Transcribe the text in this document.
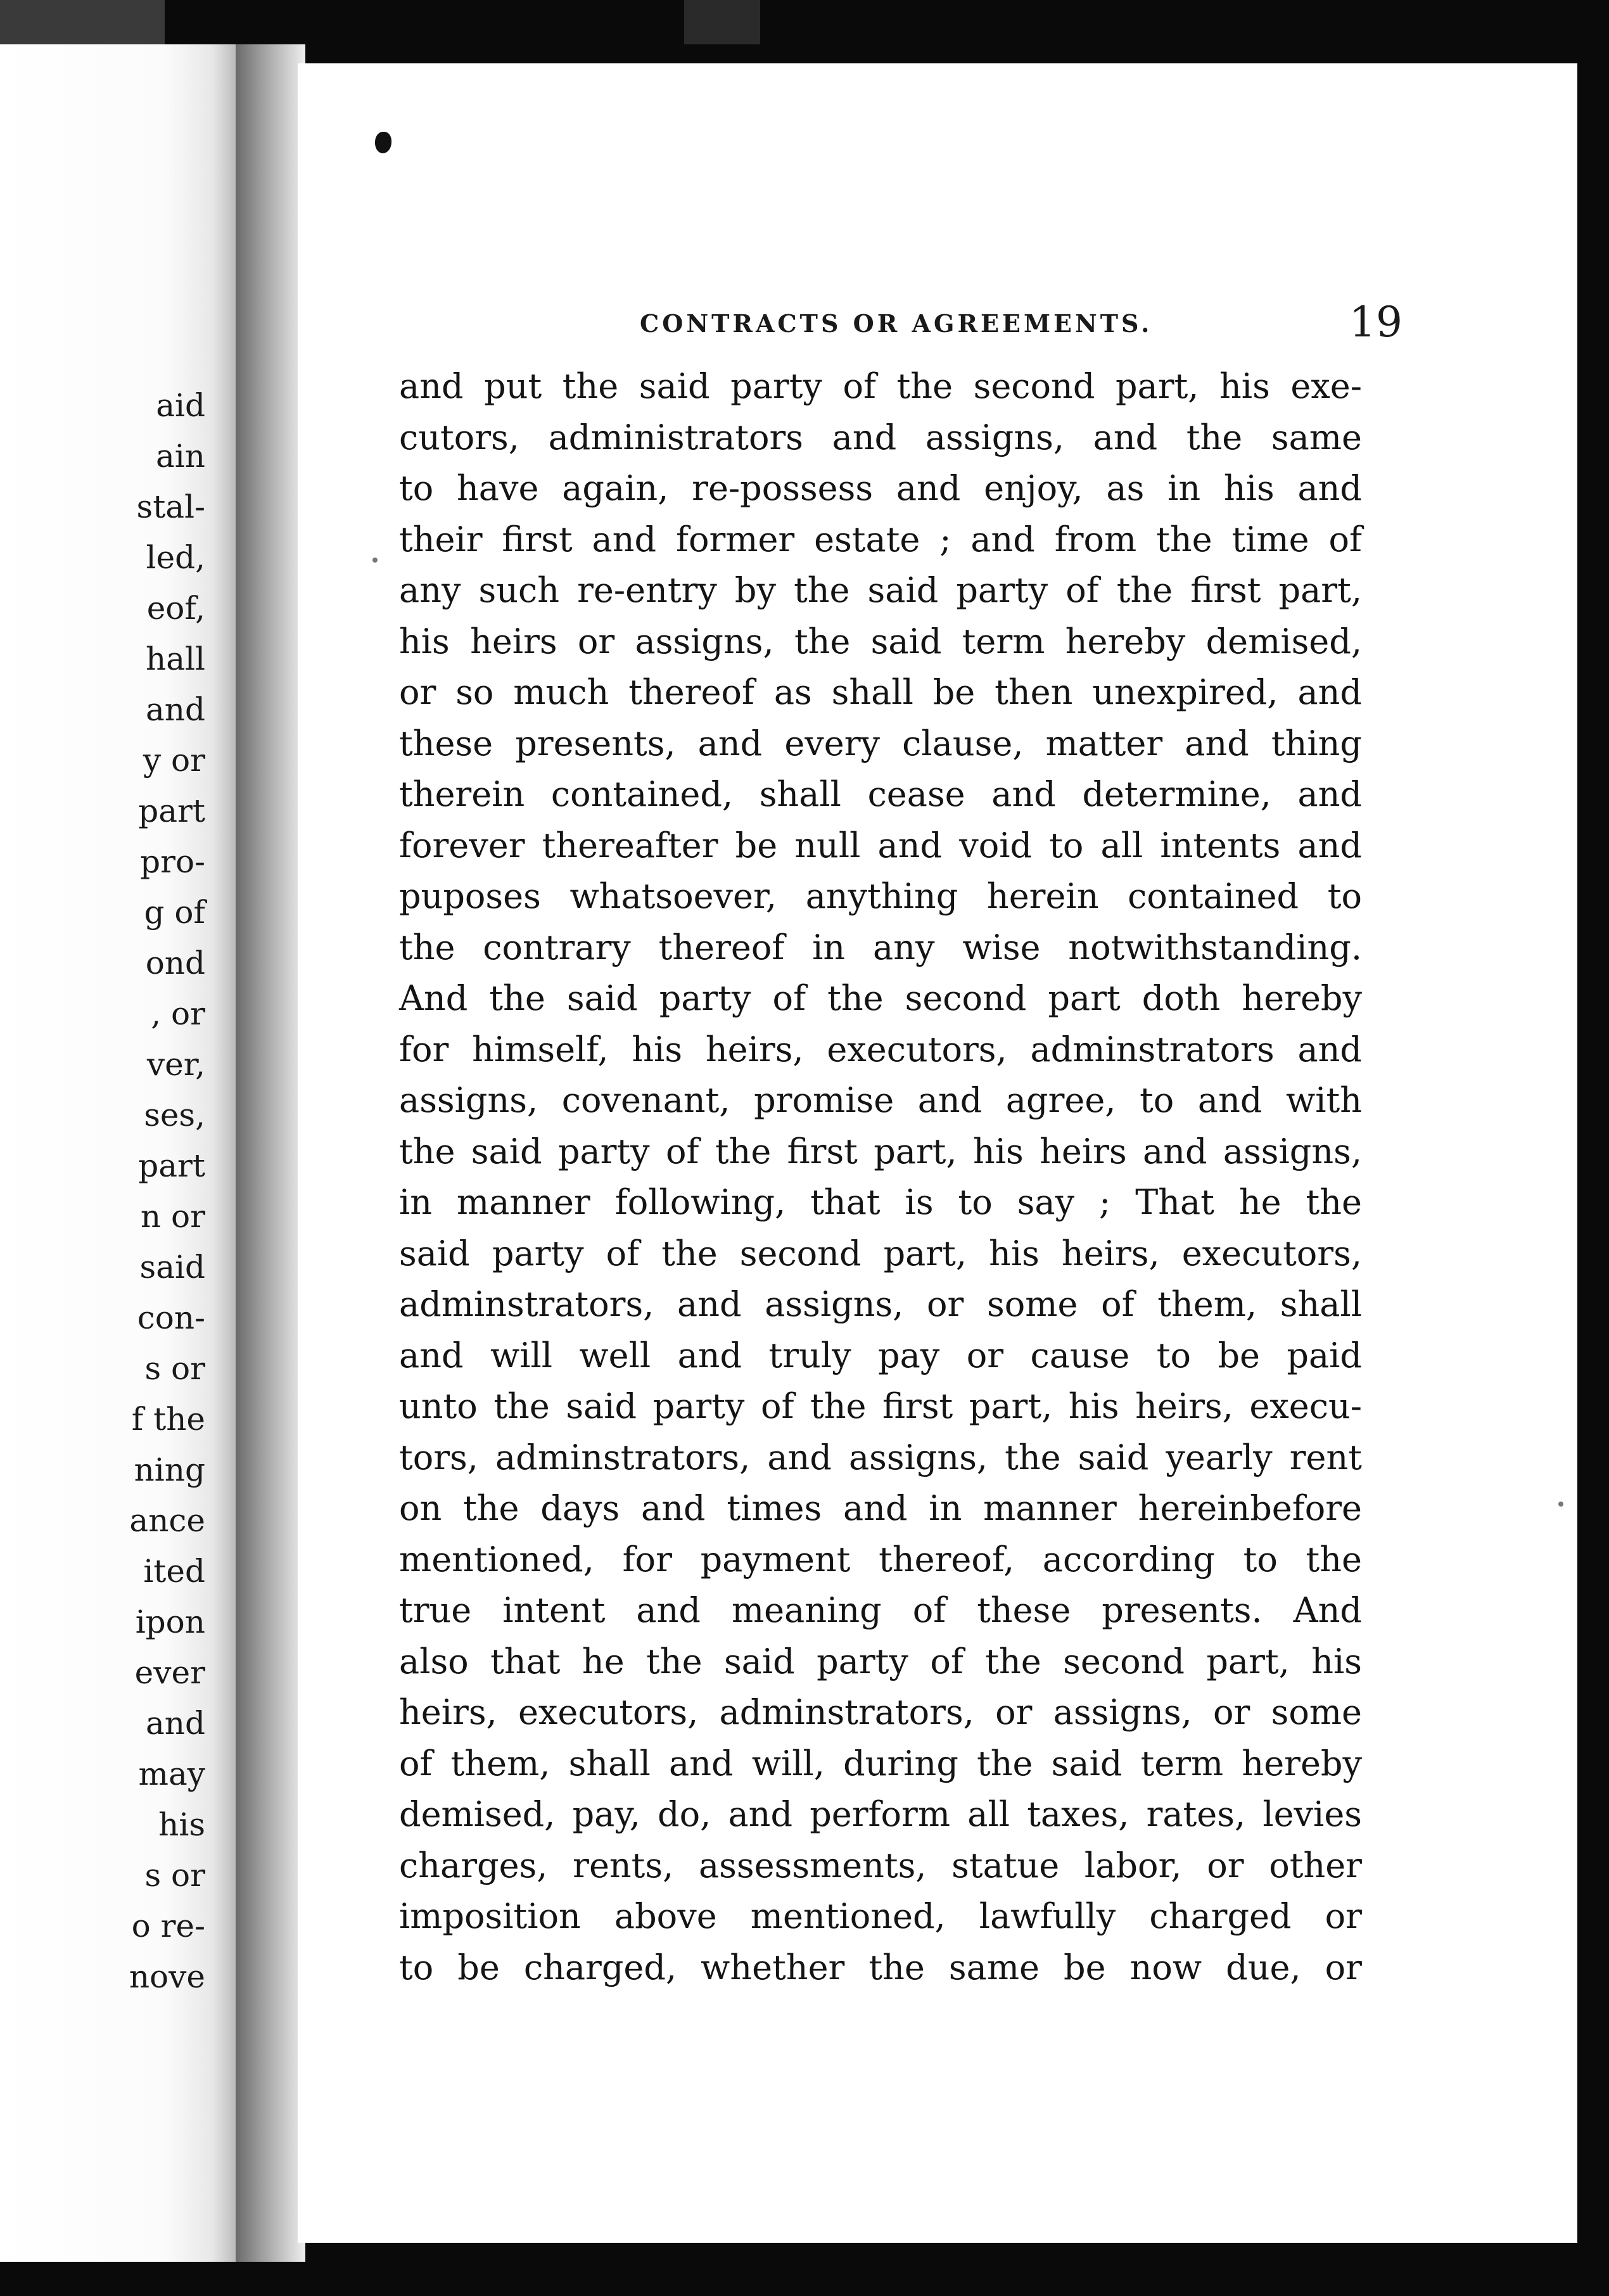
aid
ain
stal-
led,
eof,
hall
and
y or
part
pro-
g of
ond
, or
ver,
ses,
part
n or
said
con-
s or
f the
ning
ance
ited
ipon
ever
and
may
his
s or
o re-
nove
CONTRACTS OR AGREEMENTS.	19
and put the said party of the second part, his exe-
cutors, administrators and assigns, and the same
to have again, re-possess and enjoy, as in his and
their first and former estate ; and from the time of
any such re-entry by the said party of the first part,
his heirs or assigns, the said term hereby demised,
or so much thereof as shall be then unexpired, and
these presents, and every clause, matter and thing
therein contained, shall cease and determine, and
forever thereafter be null and void to all intents and
puposes whatsoever, anything herein contained to
the contrary thereof in any wise notwithstanding.
And the said party of the second part doth hereby
for himself, his heirs, executors, adminstrators and
assigns, covenant, promise and agree, to and with
the said party of the first part, his heirs and assigns,
in manner following, that is to say ; That he the
said party of the second part, his heirs, executors,
adminstrators, and assigns, or some of them, shall
and will well and truly pay or cause to be paid
unto the said party of the first part, his heirs, execu-
tors, adminstrators, and assigns, the said yearly rent
on the days and times and in manner hereinbefore
mentioned, for payment thereof, according to the
true intent and meaning of these presents. And
also that he the said party of the second part, his
heirs, executors, adminstrators, or assigns, or some
of them, shall and will, during the said term hereby
demised, pay, do, and perform all taxes, rates, levies
charges, rents, assessments, statue labor, or other
imposition above mentioned, lawfully charged or
to be charged, whether the same be now due, or
